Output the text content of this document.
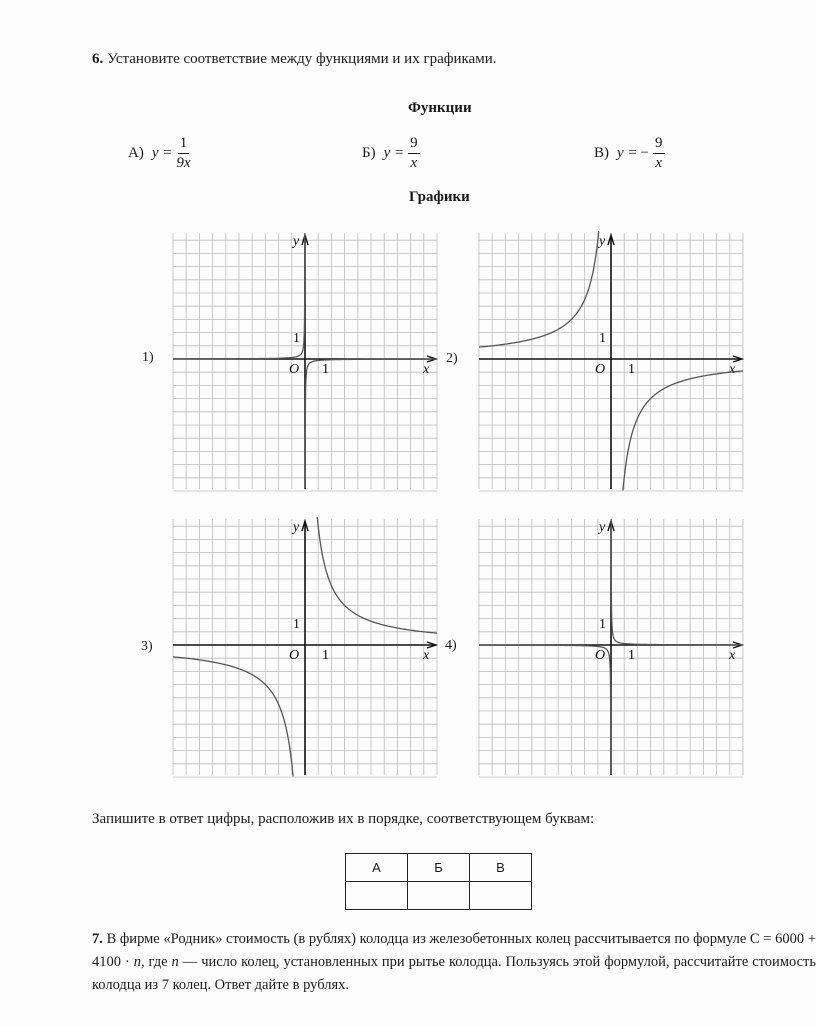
6. Установите соответствие между функциями и их графиками.
Функции
А) $y = \frac{1}{9x}$	Б) $y = \frac{9}{x}$	В) y = − $\frac{9}{x}$
Графики
1)	2)
3)	4)
x
y
O 1
1
x
y
O 1
1
x
y
O 1
1
x
y
O 1
1
Запишите в ответ цифры, расположив их в порядке, соответствующем буквам:
А	Б	В

7. В фирме «Родник» стоимость (в рублях) колодца из железобетонных колец рассчитывается по формуле C = 6000 + 4100 · n, где n — число колец, установленных при рытье колодца. Пользуясь этой формулой, рассчитайте стоимость колодца из 7 колец. Ответ дайте в рублях.
